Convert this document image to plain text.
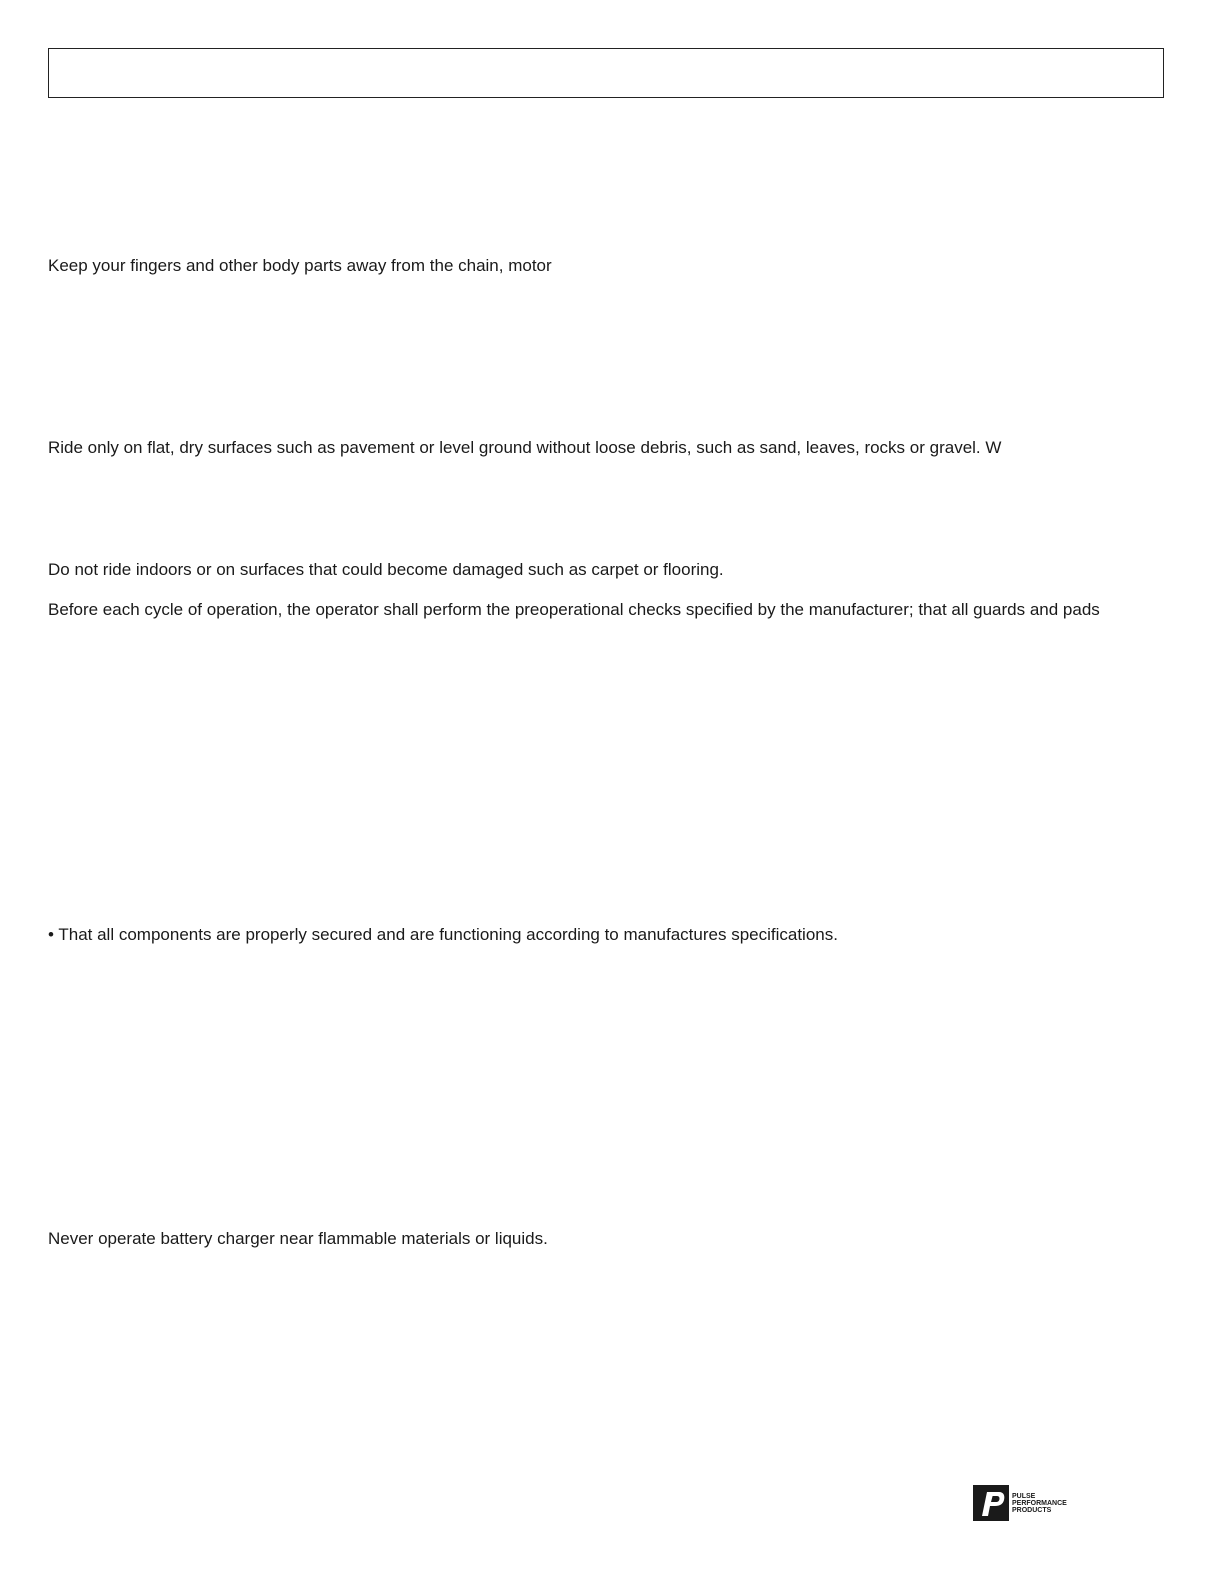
Keep your fingers and other body parts away from the chain, motor
Ride only on flat, dry surfaces such as pavement or level ground without loose debris, such as sand, leaves, rocks or gravel. W
Do not ride indoors or on surfaces that could become damaged such as carpet or flooring.
Before each cycle of operation, the operator shall perform the preoperational checks specified by the manufacturer; that all guards and pads
• That all components are properly secured and are functioning according to manufactures specifications.
Never operate battery charger near flammable materials or liquids.
PULSE
PERFORMANCE
PRODUCTS
